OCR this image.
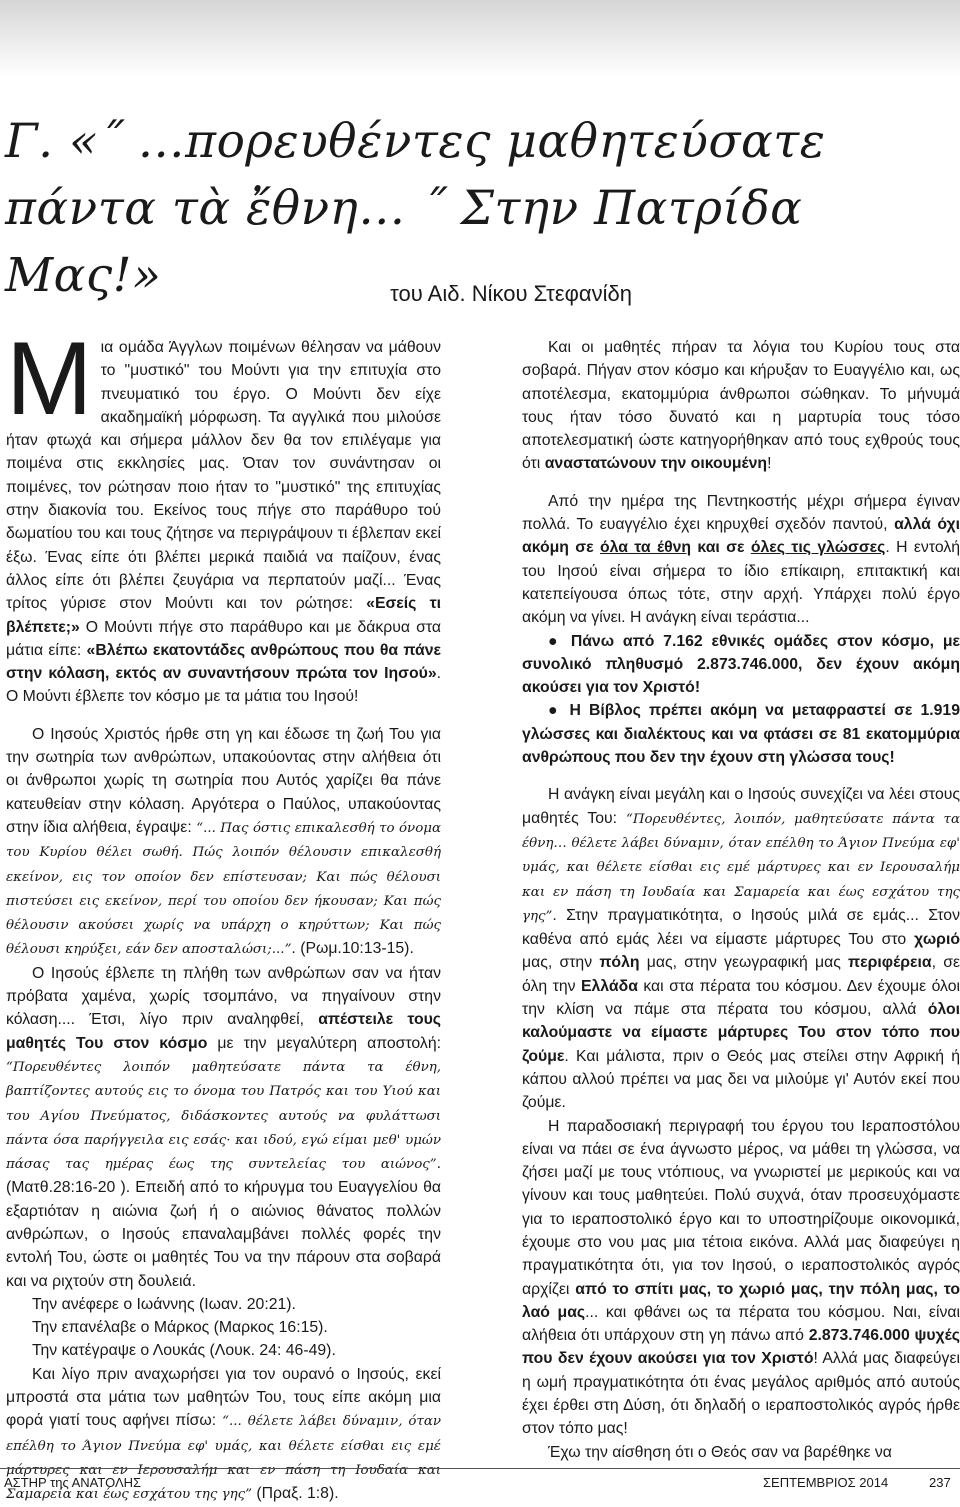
Γ. «˝ …πορευθέντες μαθητεύσατε
πάντα τὰ ἔθνη… ˝ Στην Πατρίδα Μας!»	του Αιδ. Νίκου Στεφανίδη

Μ ια ομάδα Άγγλων ποιμένων θέλησαν να μάθουν το "μυστικό" του Μούντι για την επιτυχία στο πνευματικό του έργο. Ο Μούντι δεν είχε ακαδημαϊκή μόρφωση. Τα αγγλικά που μιλούσε ήταν φτωχά και σήμερα μάλλον δεν θα τον επιλέγαμε για ποιμένα στις εκκλησίες μας. Όταν τον συνάντησαν οι ποιμένες, τον ρώτησαν ποιο ήταν το "μυστικό" της επιτυχίας στην διακονία του. Εκείνος τους πήγε στο παράθυρο τού δωματίου του και τους ζήτησε να περιγράψουν τι έβλεπαν εκεί έξω. Ένας είπε ότι βλέπει μερικά παιδιά να παίζουν, ένας άλλος είπε ότι βλέπει ζευγάρια να περπατούν μαζί... Ένας τρίτος γύρισε στον Μούντι και τον ρώτησε: «Εσείς τι βλέπετε;» Ο Μούντι πήγε στο παράθυρο και με δάκρυα στα μάτια είπε: «Βλέπω εκατοντάδες ανθρώπους που θα πάνε στην κόλαση, εκτός αν συναντήσουν πρώτα τον Ιησού». Ο Μούντι έβλεπε τον κόσμο με τα μάτια του Ιησού!

Ο Ιησούς Χριστός ήρθε στη γη και έδωσε τη ζωή Του για την σωτηρία των ανθρώπων, υπακούοντας στην αλήθεια ότι οι άνθρωποι χωρίς τη σωτηρία που Αυτός χαρίζει θα πάνε κατευθείαν στην κόλαση. Αργότερα ο Παύλος, υπακούοντας στην ίδια αλήθεια, έγραψε: “... Πας όστις επικαλεσθή το όνομα του Κυρίου θέλει σωθή. Πώς λοιπόν θέλουσιν επικαλεσθή εκείνον, εις τον οποίον δεν επίστευσαν; Και πώς θέλουσι πιστεύσει εις εκείνον, περί του οποίου δεν ήκουσαν; Και πώς θέλουσιν ακούσει χωρίς να υπάρχη ο κηρύττων; Και πώς θέλουσι κηρύξει, εάν δεν αποσταλώσι;...”. (Ρωμ.10:13-15).

Ο Ιησούς έβλεπε τη πλήθη των ανθρώπων σαν να ήταν πρόβατα χαμένα, χωρίς τσομπάνο, να πηγαίνουν στην κόλαση.... Έτσι, λίγο πριν αναληφθεί, απέστειλε τους μαθητές Του στον κόσμο με την μεγαλύτερη αποστολή: “Πορευθέντες λοιπόν μαθητεύσατε πάντα τα έθνη, βαπτίζοντες αυτούς εις το όνομα του Πατρός και του Υιού και του Αγίου Πνεύματος, διδάσκοντες αυτούς να φυλάττωσι πάντα όσα παρήγγειλα εις εσάς· και ιδού, εγώ είμαι μεθ' υμών πάσας τας ημέρας έως της συντελείας του αιώνος”. (Ματθ.28:16-20 ). Επειδή από το κήρυγμα του Ευαγγελίου θα εξαρτιόταν η αιώνια ζωή ή ο αιώνιος θάνατος πολλών ανθρώπων, ο Ιησούς επαναλαμβάνει πολλές φορές την εντολή Του, ώστε οι μαθητές Του να την πάρουν στα σοβαρά και να ριχτούν στη δουλειά.

Την ανέφερε ο Ιωάννης (Ιωαν. 20:21).

Την επανέλαβε ο Μάρκος (Μαρκος 16:15).

Την κατέγραψε ο Λουκάς (Λουκ. 24: 46-49).

Και λίγο πριν αναχωρήσει για τον ουρανό ο Ιησούς, εκεί μπροστά στα μάτια των μαθητών Του, τους είπε ακόμη μια φορά γιατί τους αφήνει πίσω: “... θέλετε λάβει δύναμιν, όταν επέλθη το Άγιον Πνεύμα εφ' υμάς, και θέλετε είσθαι εις εμέ μάρτυρες και εν Ιερουσαλήμ και εν πάση τη Ιουδαία και Σαμαρεία και έως εσχάτου της γης” (Πραξ. 1:8).

Και οι μαθητές πήραν τα λόγια του Κυρίου τους στα σοβαρά. Πήγαν στον κόσμο και κήρυξαν το Ευαγγέλιο και, ως αποτέλεσμα, εκατομμύρια άνθρωποι σώθηκαν. Το μήνυμά τους ήταν τόσο δυνατό και η μαρτυρία τους τόσο αποτελεσματική ώστε κατηγορήθηκαν από τους εχθρούς τους ότι αναστατώνουν την οικουμένη!

Από την ημέρα της Πεντηκοστής μέχρι σήμερα έγιναν πολλά. Το ευαγγέλιο έχει κηρυχθεί σχεδόν παντού, αλλά όχι ακόμη σε όλα τα έθνη και σε όλες τις γλώσσες. Η εντολή του Ιησού είναι σήμερα το ίδιο επίκαιρη, επιτακτική και κατεπείγουσα όπως τότε, στην αρχή. Υπάρχει πολύ έργο ακόμη να γίνει. Η ανάγκη είναι τεράστια...

● Πάνω από 7.162 εθνικές ομάδες στον κόσμο, με συνολικό πληθυσμό 2.873.746.000, δεν έχουν ακόμη ακούσει για τον Χριστό!

● Η Βίβλος πρέπει ακόμη να μεταφραστεί σε 1.919 γλώσσες και διαλέκτους και να φτάσει σε 81 εκατομμύρια ανθρώπους που δεν την έχουν στη γλώσσα τους!

Η ανάγκη είναι μεγάλη και ο Ιησούς συνεχίζει να λέει στους μαθητές Του: “Πορευθέντες, λοιπόν, μαθητεύσατε πάντα τα έθνη… θέλετε λάβει δύναμιν, όταν επέλθη το Άγιον Πνεύμα εφ' υμάς, και θέλετε είσθαι εις εμέ μάρτυρες και εν Ιερουσαλήμ και εν πάση τη Ιουδαία και Σαμαρεία και έως εσχάτου της γης”. Στην πραγματικότητα, ο Ιησούς μιλά σε εμάς... Στον καθένα από εμάς λέει να είμαστε μάρτυρες Του στο χωριό μας, στην πόλη μας, στην γεωγραφική μας περιφέρεια, σε όλη την Ελλάδα και στα πέρατα του κόσμου. Δεν έχουμε όλοι την κλίση να πάμε στα πέρατα του κόσμου, αλλά όλοι καλούμαστε να είμαστε μάρτυρες Του στον τόπο που ζούμε. Και μάλιστα, πριν ο Θεός μας στείλει στην Αφρική ή κάπου αλλού πρέπει να μας δει να μιλούμε γι' Αυτόν εκεί που ζούμε.

Η παραδοσιακή περιγραφή του έργου του Ιεραποστόλου είναι να πάει σε ένα άγνωστο μέρος, να μάθει τη γλώσσα, να ζήσει μαζί με τους ντόπιους, να γνωριστεί με μερικούς και να γίνουν και τους μαθητεύει. Πολύ συχνά, όταν προσευχόμαστε για το ιεραποστολικό έργο και το υποστηρίζουμε οικονομικά, έχουμε στο νου μας μια τέτοια εικόνα. Αλλά μας διαφεύγει η πραγματικότητα ότι, για τον Ιησού, ο ιεραποστολικός αγρός αρχίζει από το σπίτι μας, το χωριό μας, την πόλη μας, το λαό μας... και φθάνει ως τα πέρατα του κόσμου. Ναι, είναι αλήθεια ότι υπάρχουν στη γη πάνω από 2.873.746.000 ψυχές που δεν έχουν ακούσει για τον Χριστό! Αλλά μας διαφεύγει η ωμή πραγματικότητα ότι ένας μεγάλος αριθμός από αυτούς έχει έρθει στη Δύση, ότι δηλαδή ο ιεραποστολικός αγρός ήρθε στον τόπο μας!

Έχω την αίσθηση ότι ο Θεός σαν να βαρέθηκε να

ΑΣΤΗΡ της ΑΝΑΤΟΛΗΣ	ΣΕΠΤΕΜΒΡΙΟΣ 2014	237
